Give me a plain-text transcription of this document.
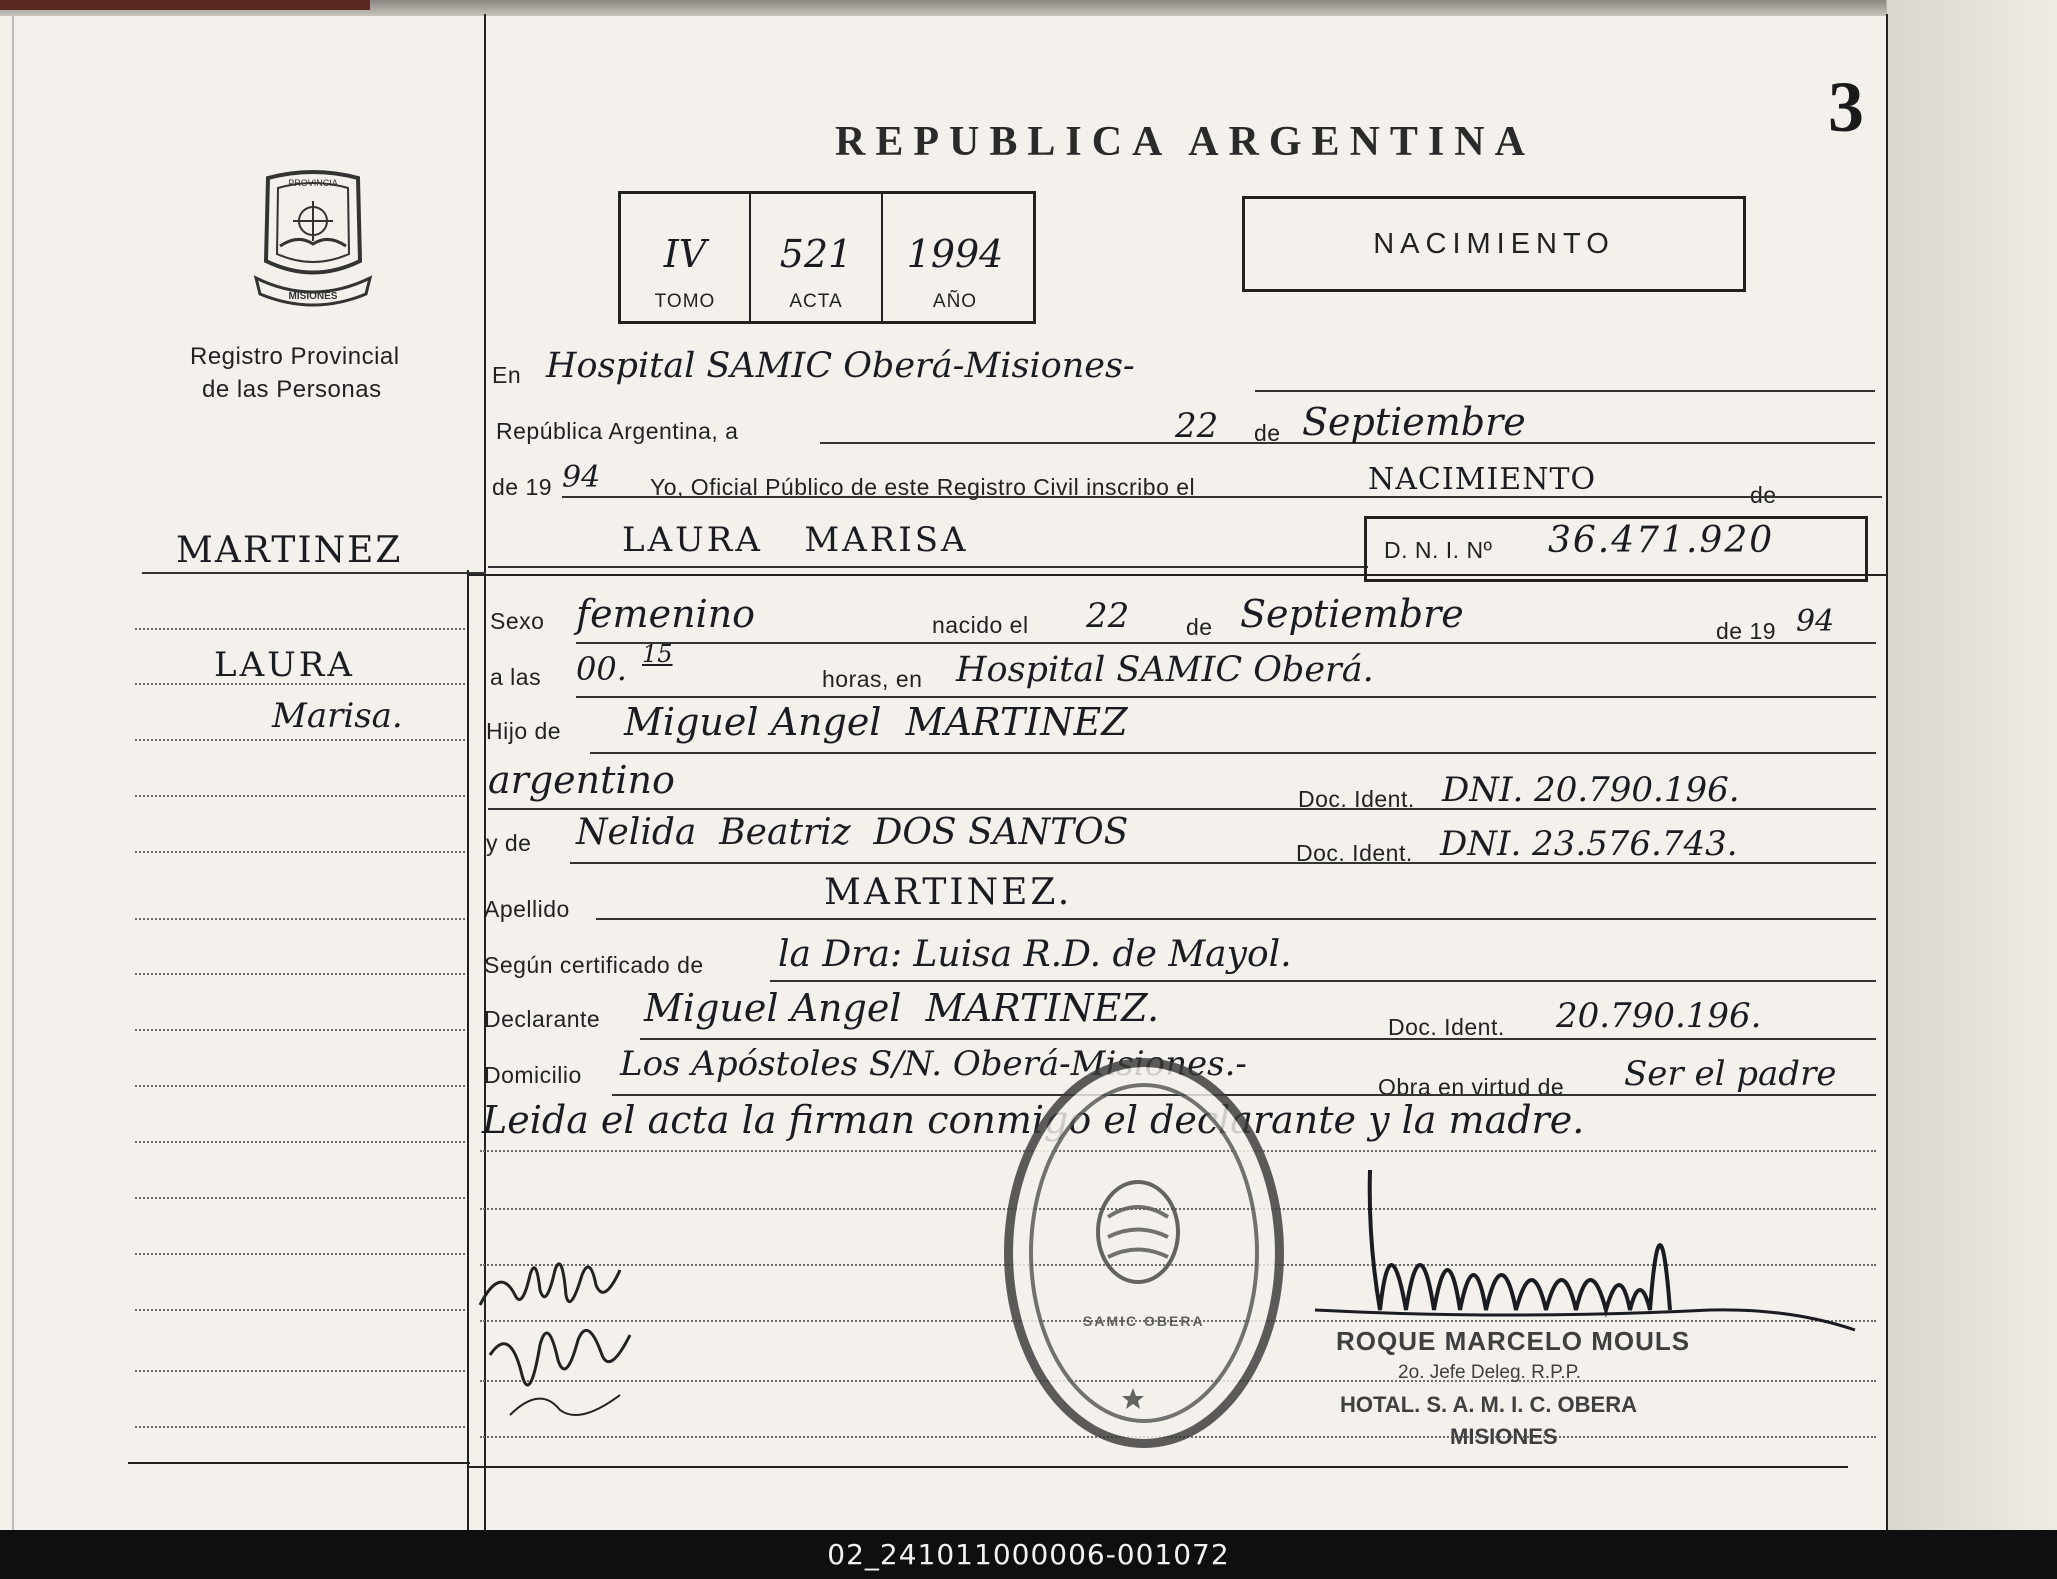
REPUBLICA ARGENTINA	3
NACIMIENTO
IV
TOMO
521
ACTA
1994
AÑO
PROVINCIA
MISIONES
Registro Provincial
de las Personas
MARTINEZ
LAURA
Marisa.
En Hospital SAMIC Oberá-Misiones-
República Argentina, a	22 de Septiembre
de 19 94 Yo, Oficial Público de este Registro Civil inscribo el	NACIMIENTO	de
LAURA   MARISA	D. N. I. Nº 36.471.920
Sexo femenino	nacido el 22 de Septiembre	de 19 94
a las 00. 15
horas, en Hospital SAMIC Oberá.
Hijo de Miguel Angel  MARTINEZ
argentino	Doc. Ident. DNI. 20.790.196.
y de Nelida  Beatriz  DOS SANTOS	Doc. Ident. DNI. 23.576.743.
Apellido	MARTINEZ.
Según certificado de la Dra: Luisa R.D. de Mayol.
Declarante Miguel Angel  MARTINEZ.	Doc. Ident. 20.790.196.
Domicilio Los Apóstoles S/N. Oberá-Misiones.-
Obra en virtud de Ser el padre
Leida el acta la firman conmigo el declarante y la madre.
SAMIC OBERA
ROQUE MARCELO MOULS
2o. Jefe Deleg. R.P.P.
HOTAL. S. A. M. I. C. OBERA
MISIONES
02_241011000006-001072
